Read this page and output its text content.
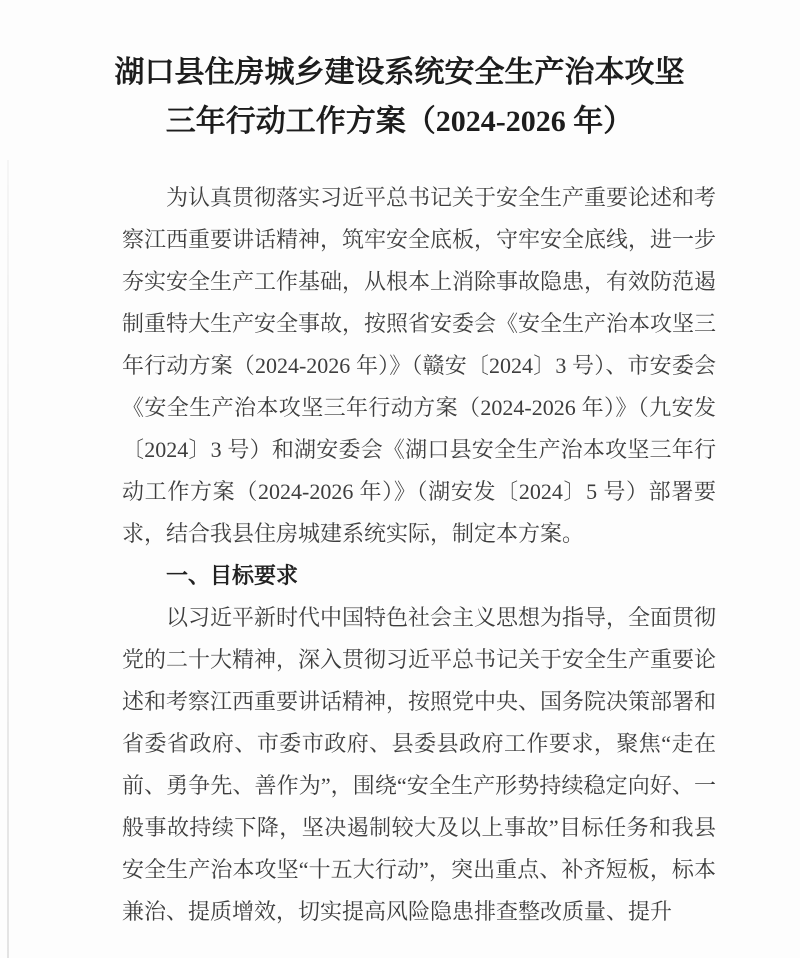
湖口县住房城乡建设系统安全生产治本攻坚三年行动工作方案（2024-2026 年）

为认真贯彻落实习近平总书记关于安全生产重要论述和考察江西重要讲话精神，筑牢安全底板，守牢安全底线，进一步夯实安全生产工作基础，从根本上消除事故隐患，有效防范遏制重特大生产安全事故，按照省安委会《安全生产治本攻坚三年行动方案（2024-2026 年）》（赣安〔2024〕3 号）、市安委会《安全生产治本攻坚三年行动方案（2024-2026 年）》（九安发〔2024〕3 号）和湖安委会《湖口县安全生产治本攻坚三年行动工作方案（2024-2026 年）》（湖安发〔2024〕5 号）部署要求，结合我县住房城建系统实际，制定本方案。

一、目标要求

以习近平新时代中国特色社会主义思想为指导，全面贯彻党的二十大精神，深入贯彻习近平总书记关于安全生产重要论述和考察江西重要讲话精神，按照党中央、国务院决策部署和省委省政府、市委市政府、县委县政府工作要求，聚焦“走在前、勇争先、善作为”，围绕“安全生产形势持续稳定向好、一般事故持续下降，坚决遏制较大及以上事故”目标任务和我县安全生产治本攻坚“十五大行动”，突出重点、补齐短板，标本兼治、提质增效，切实提高风险隐患排查整改质量、提升
